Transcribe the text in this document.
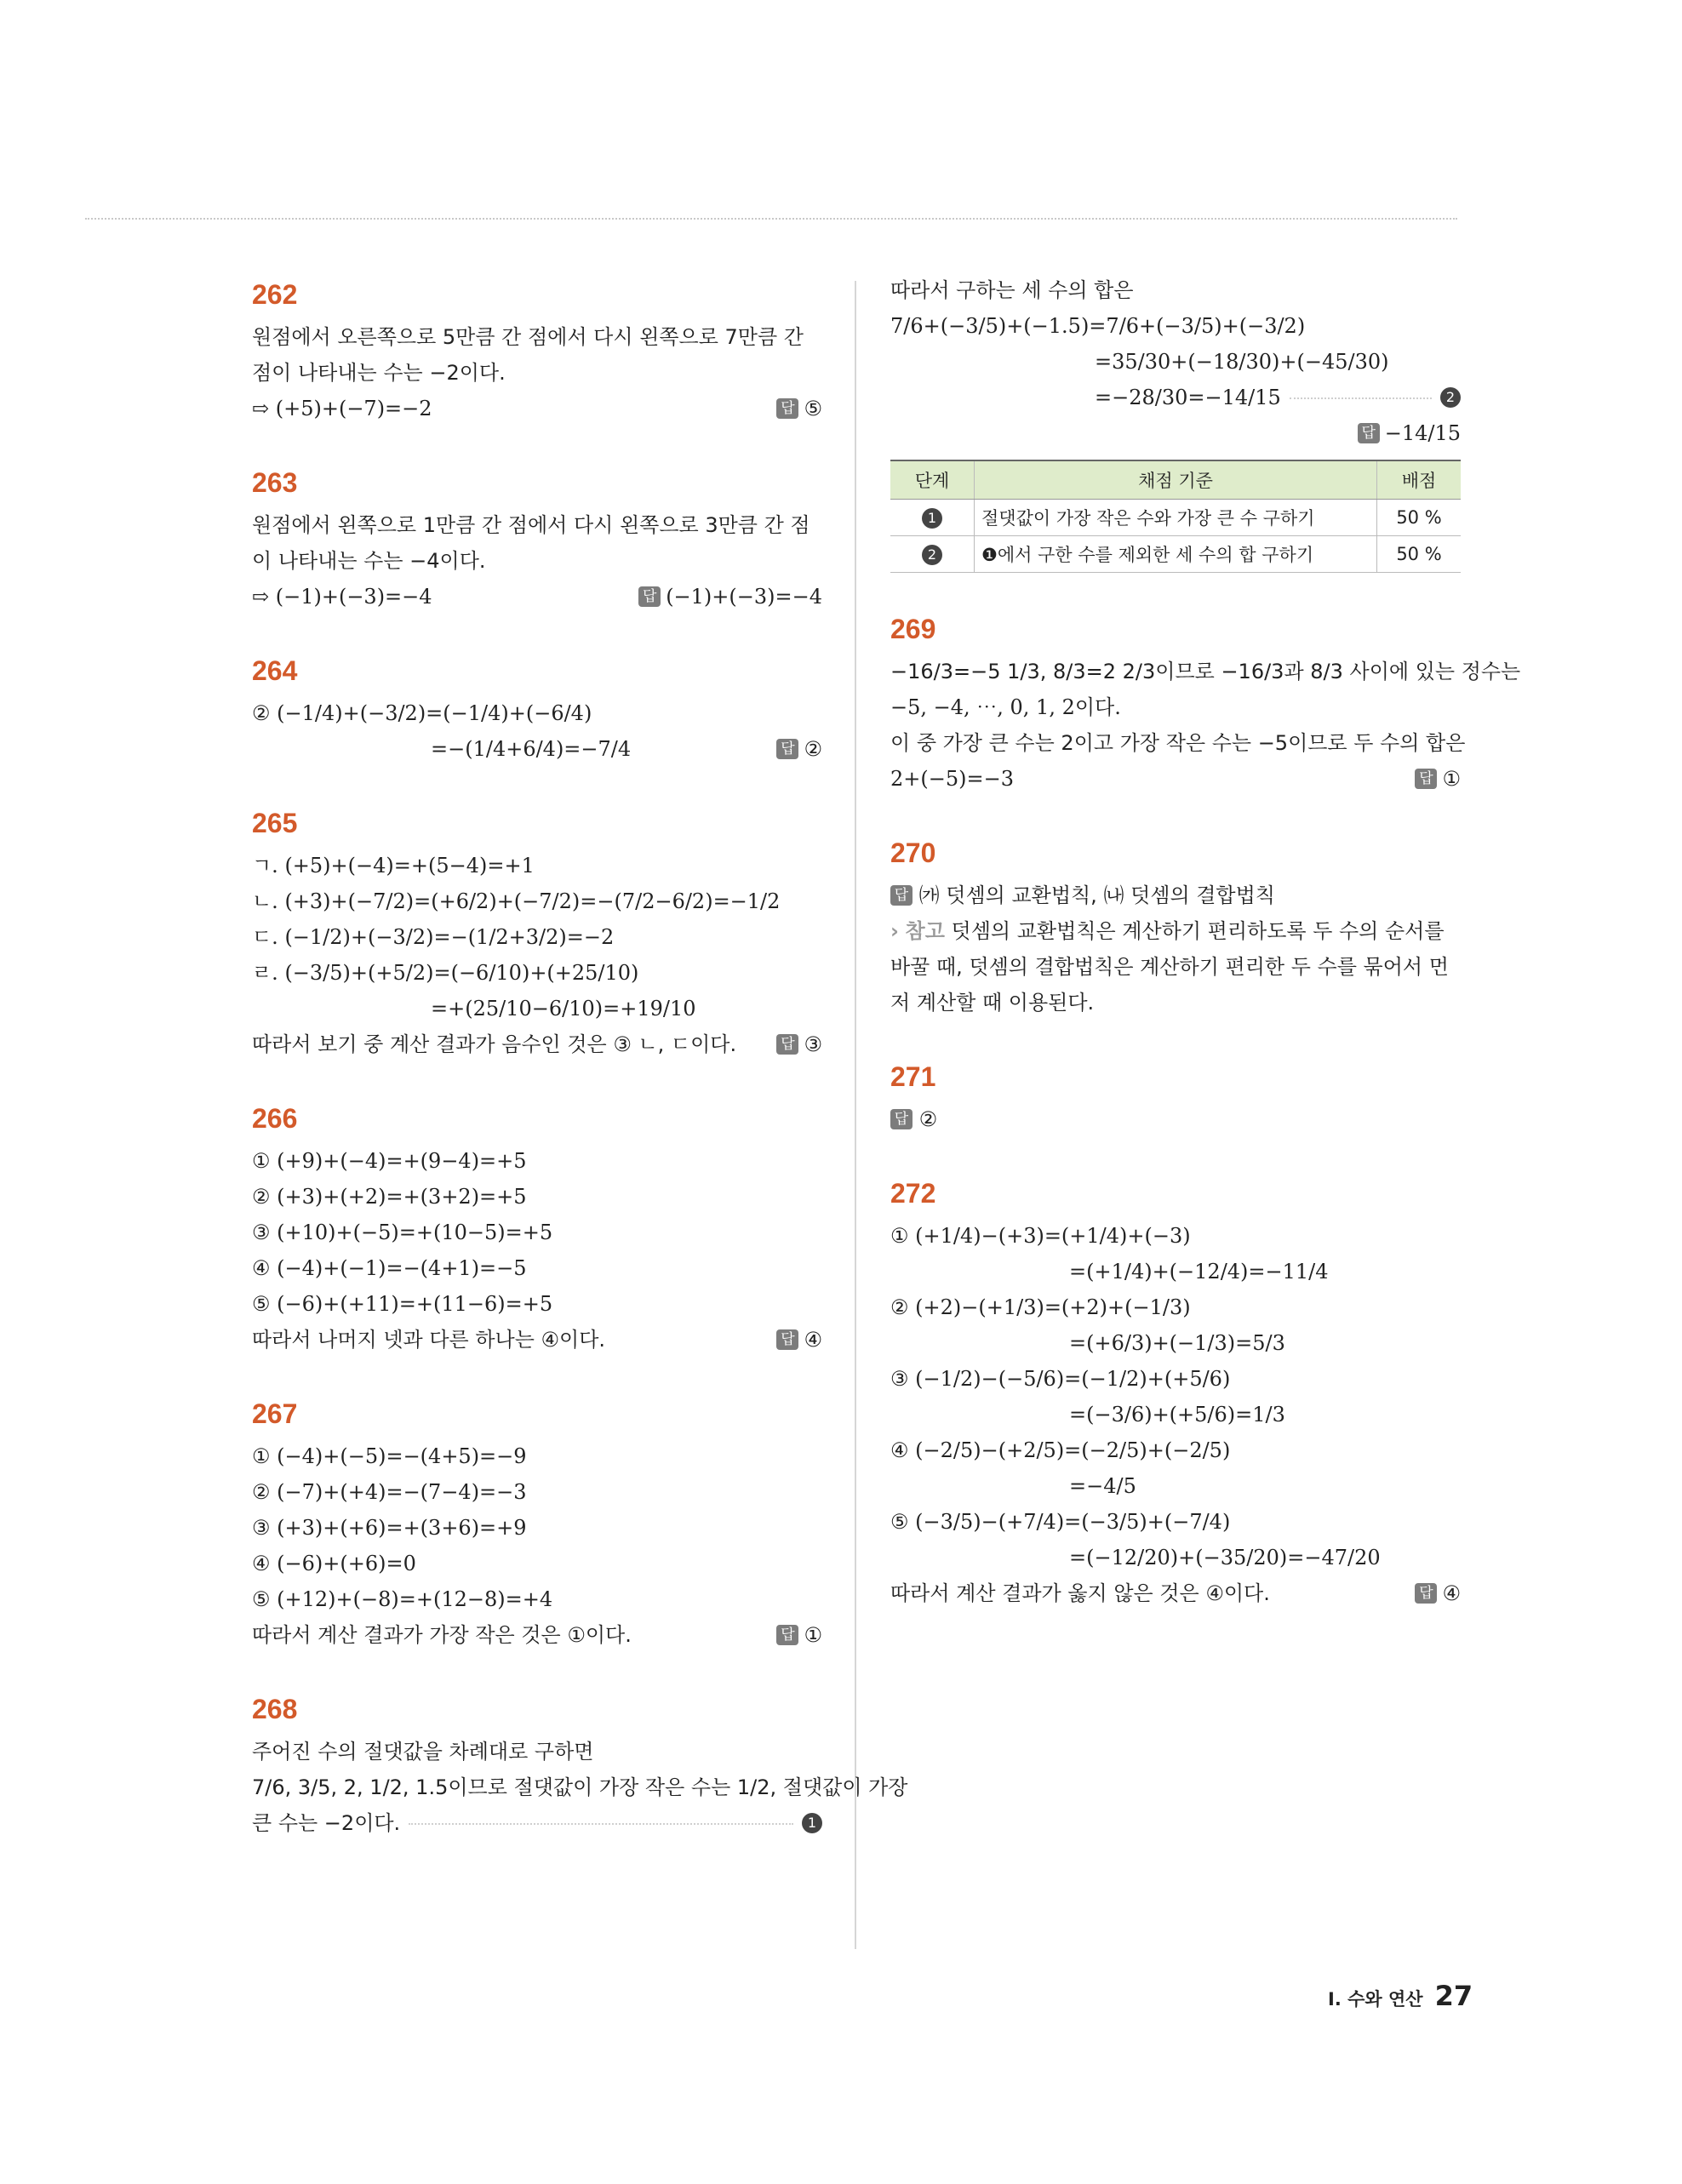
262
원점에서 오른쪽으로 5만큼 간 점에서 다시 왼쪽으로 7만큼 간 점이 나타내는 수는 −2이다.
⇨ (+5)+(−7)=−2	답 ⑤
263
원점에서 왼쪽으로 1만큼 간 점에서 다시 왼쪽으로 3만큼 간 점이 나타내는 수는 −4이다.
⇨ (−1)+(−3)=−4	답 (−1)+(−3)=−4
264
② (−1/4)+(−3/2)=(−1/4)+(−6/4)
=−(1/4+6/4)=−7/4	답 ②
265
ㄱ. (+5)+(−4)=+(5−4)=+1
ㄴ. (+3)+(−7/2)=(+6/2)+(−7/2)=−(7/2−6/2)=−1/2
ㄷ. (−1/2)+(−3/2)=−(1/2+3/2)=−2
ㄹ. (−3/5)+(+5/2)=(−6/10)+(+25/10)
=+(25/10−6/10)=+19/10
따라서 보기 중 계산 결과가 음수인 것은 ③ ㄴ, ㄷ이다.	답 ③
266
① (+9)+(−4)=+(9−4)=+5
② (+3)+(+2)=+(3+2)=+5
③ (+10)+(−5)=+(10−5)=+5
④ (−4)+(−1)=−(4+1)=−5
⑤ (−6)+(+11)=+(11−6)=+5
따라서 나머지 넷과 다른 하나는 ④이다.	답 ④
267
① (−4)+(−5)=−(4+5)=−9
② (−7)+(+4)=−(7−4)=−3
③ (+3)+(+6)=+(3+6)=+9
④ (−6)+(+6)=0
⑤ (+12)+(−8)=+(12−8)=+4
따라서 계산 결과가 가장 작은 것은 ①이다.	답 ①
268
주어진 수의 절댓값을 차례대로 구하면
7/6, 3/5, 2, 1/2, 1.5이므로 절댓값이 가장 작은 수는 1/2, 절댓값이 가장
큰 수는 −2이다.	1
따라서 구하는 세 수의 합은
7/6+(−3/5)+(−1.5)=7/6+(−3/5)+(−3/2)
=35/30+(−18/30)+(−45/30)
=−28/30=−14/15	2
답 −14/15
단계	채점 기준	배점
1	절댓값이 가장 작은 수와 가장 큰 수 구하기	50 %
2	❶에서 구한 수를 제외한 세 수의 합 구하기	50 %
269
−16/3=−5 1/3, 8/3=2 2/3이므로 −16/3과 8/3 사이에 있는 정수는
−5, −4, ⋯, 0, 1, 2이다.
이 중 가장 큰 수는 2이고 가장 작은 수는 −5이므로 두 수의 합은
2+(−5)=−3	답 ①
270
답
㈎ 덧셈의 교환법칙, ㈏ 덧셈의 결합법칙
› 참고 덧셈의 교환법칙은 계산하기 편리하도록 두 수의 순서를 바꿀 때, 덧셈의 결합법칙은 계산하기 편리한 두 수를 묶어서 먼저 계산할 때 이용된다.
271
답
②
272
① (+1/4)−(+3)=(+1/4)+(−3)
=(+1/4)+(−12/4)=−11/4
② (+2)−(+1/3)=(+2)+(−1/3)
=(+6/3)+(−1/3)=5/3
③ (−1/2)−(−5/6)=(−1/2)+(+5/6)
=(−3/6)+(+5/6)=1/3
④ (−2/5)−(+2/5)=(−2/5)+(−2/5)
=−4/5
⑤ (−3/5)−(+7/4)=(−3/5)+(−7/4)
=(−12/20)+(−35/20)=−47/20
따라서 계산 결과가 옳지 않은 것은 ④이다.	답 ④
I. 수와 연산 27
